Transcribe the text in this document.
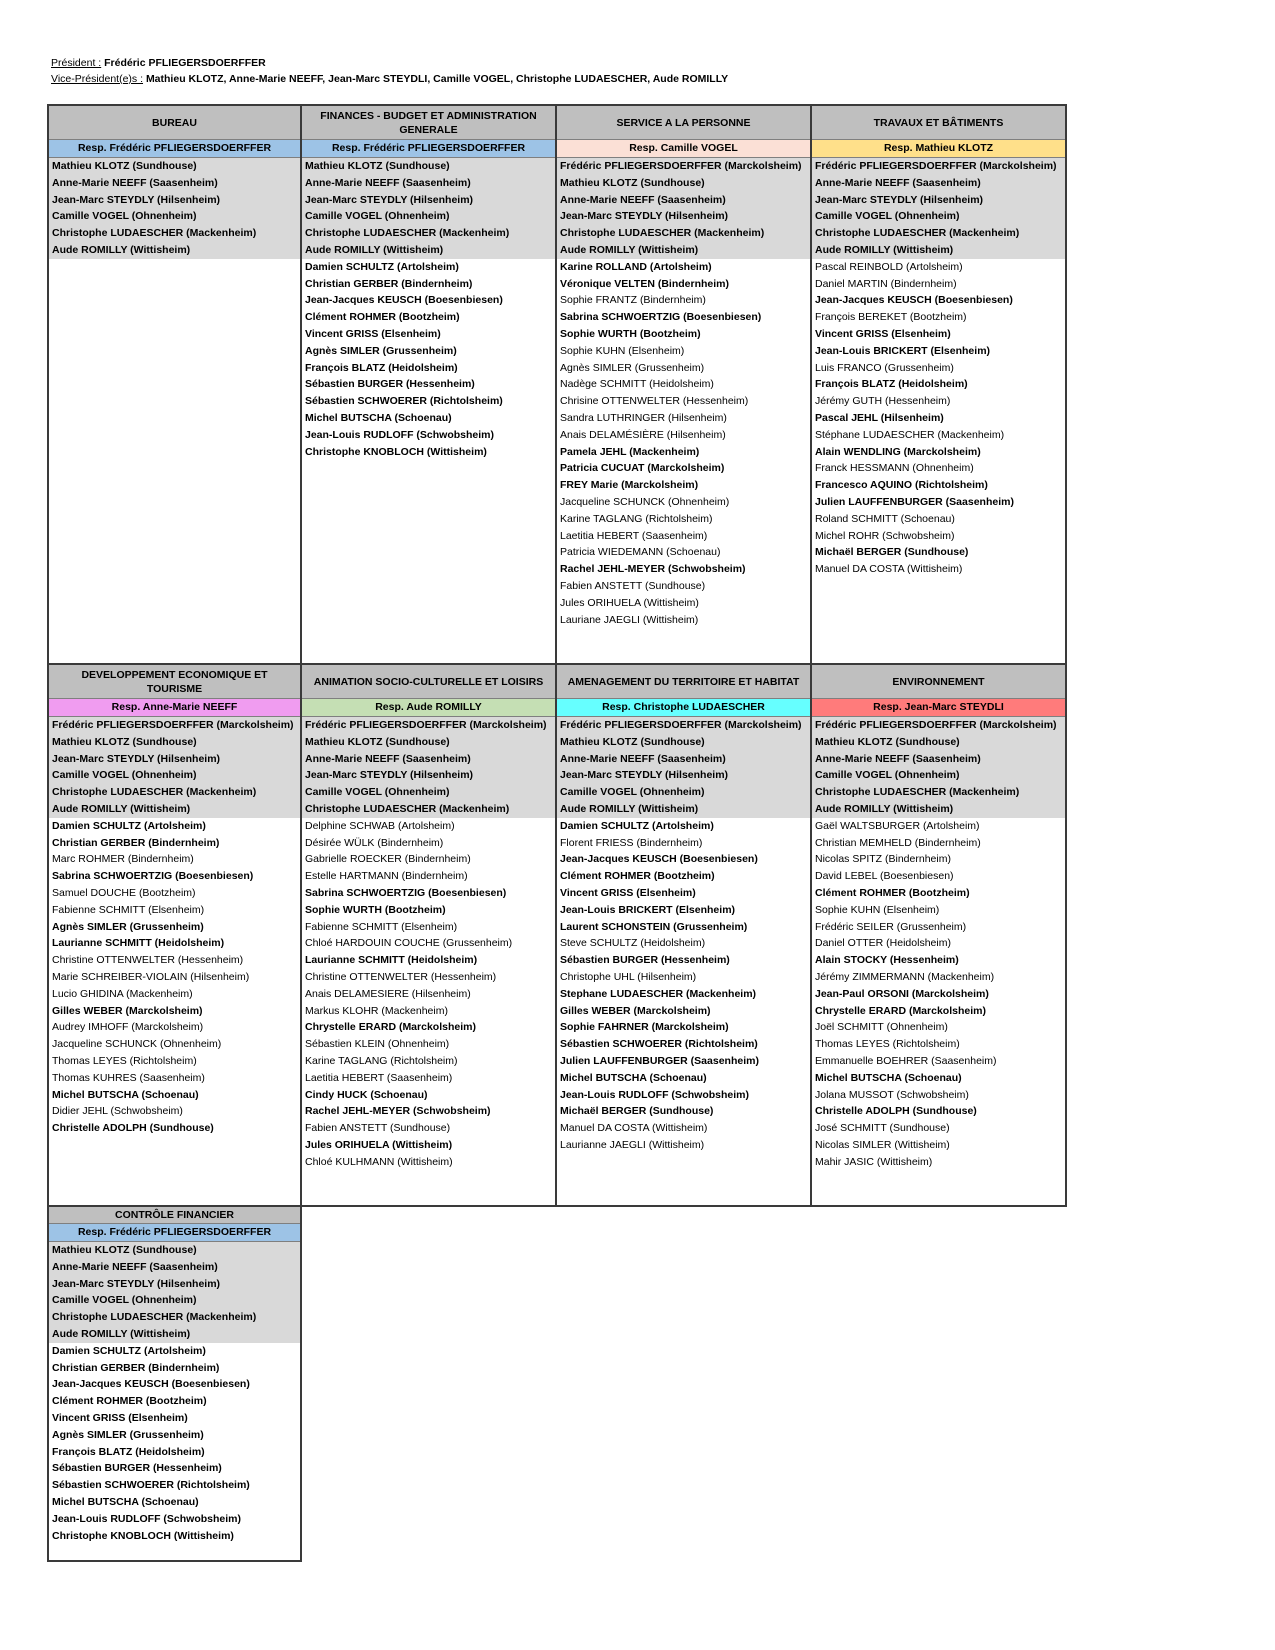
Président : Frédéric PFLIEGERSDOERFFER
Vice-Président(e)s : Mathieu KLOTZ, Anne-Marie NEEFF, Jean-Marc STEYDLI, Camille VOGEL, Christophe LUDAESCHER, Aude ROMILLY
BUREAU
Resp. Frédéric PFLIEGERSDOERFFER
Mathieu KLOTZ (Sundhouse)
Anne-Marie NEEFF (Saasenheim)
Jean-Marc STEYDLY (Hilsenheim)
Camille VOGEL (Ohnenheim)
Christophe LUDAESCHER (Mackenheim)
Aude ROMILLY (Wittisheim)
FINANCES - BUDGET ET ADMINISTRATION GENERALE
Resp. Frédéric PFLIEGERSDOERFFER
Mathieu KLOTZ (Sundhouse)
Anne-Marie NEEFF (Saasenheim)
Jean-Marc STEYDLY (Hilsenheim)
Camille VOGEL (Ohnenheim)
Christophe LUDAESCHER (Mackenheim)
Aude ROMILLY (Wittisheim)
Damien SCHULTZ (Artolsheim)
Christian GERBER (Bindernheim)
Jean-Jacques KEUSCH (Boesenbiesen)
Clément ROHMER (Bootzheim)
Vincent GRISS (Elsenheim)
Agnès SIMLER (Grussenheim)
François BLATZ (Heidolsheim)
Sébastien BURGER (Hessenheim)
Sébastien SCHWOERER (Richtolsheim)
Michel BUTSCHA (Schoenau)
Jean-Louis RUDLOFF (Schwobsheim)
Christophe KNOBLOCH (Wittisheim)
SERVICE A LA PERSONNE
Resp. Camille VOGEL
Frédéric PFLIEGERSDOERFFER (Marckolsheim)
Mathieu KLOTZ (Sundhouse)
Anne-Marie NEEFF (Saasenheim)
Jean-Marc STEYDLY (Hilsenheim)
Christophe LUDAESCHER (Mackenheim)
Aude ROMILLY (Wittisheim)
Karine ROLLAND (Artolsheim)
Véronique VELTEN (Bindernheim)
Sophie FRANTZ (Bindernheim)
Sabrina SCHWOERTZIG (Boesenbiesen)
Sophie WURTH (Bootzheim)
Sophie KUHN (Elsenheim)
Agnès SIMLER (Grussenheim)
Nadège SCHMITT (Heidolsheim)
Chrisine OTTENWELTER (Hessenheim)
Sandra LUTHRINGER (Hilsenheim)
Anais DELAMÉSIÈRE (Hilsenheim)
Pamela JEHL (Mackenheim)
Patricia CUCUAT (Marckolsheim)
FREY Marie (Marckolsheim)
Jacqueline SCHUNCK (Ohnenheim)
Karine TAGLANG (Richtolsheim)
Laetitia HEBERT (Saasenheim)
Patricia WIEDEMANN (Schoenau)
Rachel JEHL-MEYER (Schwobsheim)
Fabien ANSTETT (Sundhouse)
Jules ORIHUELA (Wittisheim)
Lauriane JAEGLI (Wittisheim)
TRAVAUX ET BÂTIMENTS
Resp. Mathieu KLOTZ
Frédéric PFLIEGERSDOERFFER (Marckolsheim)
Anne-Marie NEEFF (Saasenheim)
Jean-Marc STEYDLY (Hilsenheim)
Camille VOGEL (Ohnenheim)
Christophe LUDAESCHER (Mackenheim)
Aude ROMILLY (Wittisheim)
Pascal REINBOLD (Artolsheim)
Daniel MARTIN (Bindernheim)
Jean-Jacques KEUSCH (Boesenbiesen)
François BEREKET (Bootzheim)
Vincent GRISS (Elsenheim)
Jean-Louis BRICKERT (Elsenheim)
Luis FRANCO (Grussenheim)
François BLATZ (Heidolsheim)
Jérémy GUTH (Hessenheim)
Pascal JEHL (Hilsenheim)
Stéphane LUDAESCHER (Mackenheim)
Alain WENDLING (Marckolsheim)
Franck HESSMANN (Ohnenheim)
Francesco AQUINO (Richtolsheim)
Julien LAUFFENBURGER (Saasenheim)
Roland SCHMITT (Schoenau)
Michel ROHR (Schwobsheim)
Michaël BERGER (Sundhouse)
Manuel DA COSTA (Wittisheim)
DEVELOPPEMENT ECONOMIQUE ET TOURISME
Resp. Anne-Marie NEEFF
Frédéric PFLIEGERSDOERFFER (Marckolsheim)
Mathieu KLOTZ (Sundhouse)
Jean-Marc STEYDLY (Hilsenheim)
Camille VOGEL (Ohnenheim)
Christophe LUDAESCHER (Mackenheim)
Aude ROMILLY (Wittisheim)
Damien SCHULTZ (Artolsheim)
Christian GERBER (Bindernheim)
Marc ROHMER (Bindernheim)
Sabrina SCHWOERTZIG (Boesenbiesen)
Samuel DOUCHE (Bootzheim)
Fabienne SCHMITT (Elsenheim)
Agnès SIMLER (Grussenheim)
Laurianne SCHMITT (Heidolsheim)
Christine OTTENWELTER (Hessenheim)
Marie SCHREIBER-VIOLAIN (Hilsenheim)
Lucio GHIDINA (Mackenheim)
Gilles WEBER (Marckolsheim)
Audrey IMHOFF (Marckolsheim)
Jacqueline SCHUNCK (Ohnenheim)
Thomas LEYES (Richtolsheim)
Thomas KUHRES (Saasenheim)
Michel BUTSCHA (Schoenau)
Didier JEHL (Schwobsheim)
Christelle ADOLPH (Sundhouse)
ANIMATION SOCIO-CULTURELLE ET LOISIRS
Resp. Aude ROMILLY
Frédéric PFLIEGERSDOERFFER (Marckolsheim)
Mathieu KLOTZ (Sundhouse)
Anne-Marie NEEFF (Saasenheim)
Jean-Marc STEYDLY (Hilsenheim)
Camille VOGEL (Ohnenheim)
Christophe LUDAESCHER (Mackenheim)
Delphine SCHWAB (Artolsheim)
Désirée WÜLK (Bindernheim)
Gabrielle ROECKER (Bindernheim)
Estelle HARTMANN (Bindernheim)
Sabrina SCHWOERTZIG (Boesenbiesen)
Sophie WURTH (Bootzheim)
Fabienne SCHMITT (Elsenheim)
Chloé HARDOUIN COUCHE (Grussenheim)
Laurianne SCHMITT (Heidolsheim)
Christine OTTENWELTER (Hessenheim)
Anais DELAMESIERE (Hilsenheim)
Markus KLOHR (Mackenheim)
Chrystelle ERARD (Marckolsheim)
Sébastien KLEIN (Ohnenheim)
Karine TAGLANG (Richtolsheim)
Laetitia HEBERT (Saasenheim)
Cindy HUCK (Schoenau)
Rachel JEHL-MEYER (Schwobsheim)
Fabien ANSTETT (Sundhouse)
Jules ORIHUELA (Wittisheim)
Chloé KULHMANN (Wittisheim)
AMENAGEMENT DU TERRITOIRE ET HABITAT
Resp. Christophe LUDAESCHER
Frédéric PFLIEGERSDOERFFER (Marckolsheim)
Mathieu KLOTZ (Sundhouse)
Anne-Marie NEEFF (Saasenheim)
Jean-Marc STEYDLY (Hilsenheim)
Camille VOGEL (Ohnenheim)
Aude ROMILLY (Wittisheim)
Damien SCHULTZ (Artolsheim)
Florent FRIESS (Bindernheim)
Jean-Jacques KEUSCH (Boesenbiesen)
Clément ROHMER (Bootzheim)
Vincent GRISS (Elsenheim)
Jean-Louis BRICKERT (Elsenheim)
Laurent SCHONSTEIN (Grussenheim)
Steve SCHULTZ (Heidolsheim)
Sébastien BURGER (Hessenheim)
Christophe UHL (Hilsenheim)
Stephane LUDAESCHER (Mackenheim)
Gilles WEBER (Marckolsheim)
Sophie FAHRNER (Marckolsheim)
Sébastien SCHWOERER (Richtolsheim)
Julien LAUFFENBURGER (Saasenheim)
Michel BUTSCHA (Schoenau)
Jean-Louis RUDLOFF (Schwobsheim)
Michaël BERGER (Sundhouse)
Manuel DA COSTA (Wittisheim)
Laurianne JAEGLI (Wittisheim)
ENVIRONNEMENT
Resp. Jean-Marc STEYDLI
Frédéric PFLIEGERSDOERFFER (Marckolsheim)
Mathieu KLOTZ (Sundhouse)
Anne-Marie NEEFF (Saasenheim)
Camille VOGEL (Ohnenheim)
Christophe LUDAESCHER (Mackenheim)
Aude ROMILLY (Wittisheim)
Gaël WALTSBURGER (Artolsheim)
Christian MEMHELD (Bindernheim)
Nicolas SPITZ (Bindernheim)
David LEBEL (Boesenbiesen)
Clément ROHMER (Bootzheim)
Sophie KUHN (Elsenheim)
Frédéric SEILER (Grussenheim)
Daniel OTTER (Heidolsheim)
Alain STOCKY (Hessenheim)
Jérémy ZIMMERMANN (Mackenheim)
Jean-Paul ORSONI (Marckolsheim)
Chrystelle ERARD (Marckolsheim)
Joël SCHMITT (Ohnenheim)
Thomas LEYES (Richtolsheim)
Emmanuelle BOEHRER (Saasenheim)
Michel BUTSCHA (Schoenau)
Jolana MUSSOT (Schwobsheim)
Christelle ADOLPH (Sundhouse)
José SCHMITT (Sundhouse)
Nicolas SIMLER (Wittisheim)
Mahir JASIC (Wittisheim)
CONTRÔLE FINANCIER
Resp. Frédéric PFLIEGERSDOERFFER
Mathieu KLOTZ (Sundhouse)
Anne-Marie NEEFF (Saasenheim)
Jean-Marc STEYDLY (Hilsenheim)
Camille VOGEL (Ohnenheim)
Christophe LUDAESCHER (Mackenheim)
Aude ROMILLY (Wittisheim)
Damien SCHULTZ (Artolsheim)
Christian GERBER (Bindernheim)
Jean-Jacques KEUSCH (Boesenbiesen)
Clément ROHMER (Bootzheim)
Vincent GRISS (Elsenheim)
Agnès SIMLER (Grussenheim)
François BLATZ (Heidolsheim)
Sébastien BURGER (Hessenheim)
Sébastien SCHWOERER (Richtolsheim)
Michel BUTSCHA (Schoenau)
Jean-Louis RUDLOFF (Schwobsheim)
Christophe KNOBLOCH (Wittisheim)
